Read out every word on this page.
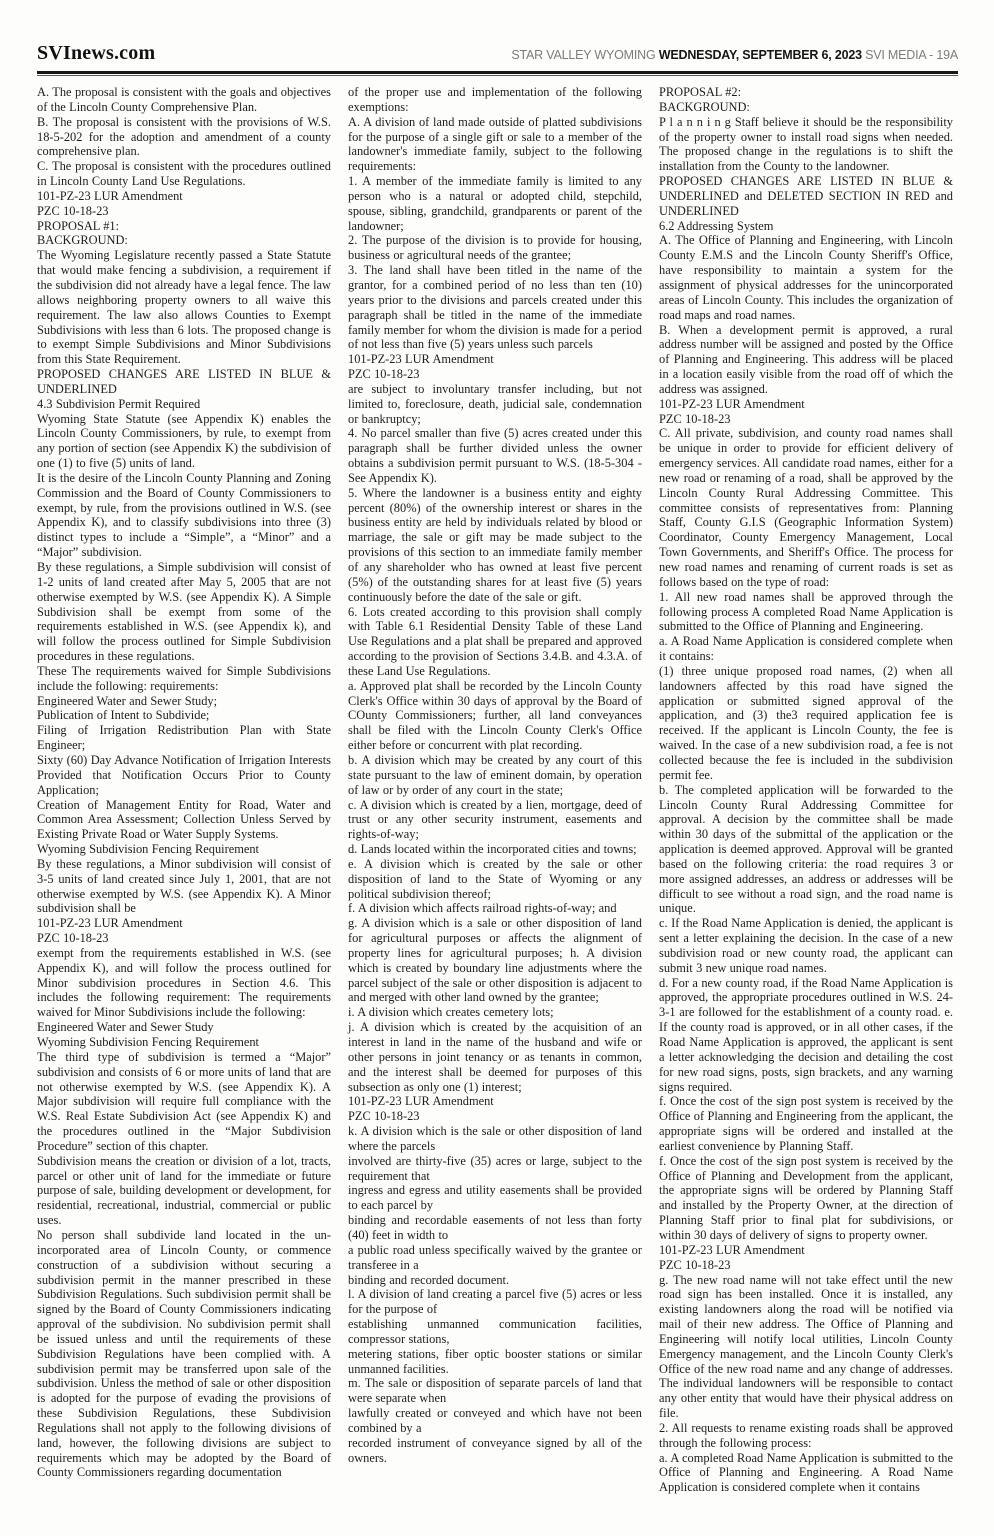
SVInews.com	STAR VALLEY WYOMING WEDNESDAY, SEPTEMBER 6, 2023 SVI MEDIA - 19A

A. The proposal is consistent with the goals and objectives of the Lincoln County Comprehensive Plan.

B. The proposal is consistent with the provisions of W.S. 18-5-202 for the adoption and amendment of a county comprehensive plan.

C. The proposal is consistent with the procedures outlined in Lincoln County Land Use Regulations.

101-PZ-23 LUR Amendment

PZC 10-18-23

PROPOSAL #1:

BACKGROUND:

The Wyoming Legislature recently passed a State Statute that would make fencing a subdivision, a requirement if the subdivision did not already have a legal fence. The law allows neighboring property owners to all waive this requirement. The law also allows Counties to Exempt Subdivisions with less than 6 lots. The proposed change is to exempt Simple Subdivisions and Minor Subdivisions from this State Requirement.

PROPOSED CHANGES ARE LISTED IN BLUE & UNDERLINED

4.3 Subdivision Permit Required

Wyoming State Statute (see Appendix K) enables the Lincoln County Commissioners, by rule, to exempt from any portion of section (see Appendix K) the subdivision of one (1) to five (5) units of land.

It is the desire of the Lincoln County Planning and Zoning Commission and the Board of County Commissioners to exempt, by rule, from the provisions outlined in W.S. (see Appendix K), and to classify subdivisions into three (3) distinct types to include a “Simple”, a “Minor” and a “Major” subdivision.

By these regulations, a Simple subdivision will consist of 1-2 units of land created after May 5, 2005 that are not otherwise exempted by W.S. (see Appendix K). A Simple Subdivision shall be exempt from some of the requirements established in W.S. (see Appendix k), and will follow the process outlined for Simple Subdivision procedures in these regulations.

These The requirements waived for Simple Subdivisions include the following: requirements:

Engineered Water and Sewer Study;

Publication of Intent to Subdivide;

Filing of Irrigation Redistribution Plan with State Engineer;

Sixty (60) Day Advance Notification of Irrigation Interests Provided that Notification Occurs Prior to County Application;

Creation of Management Entity for Road, Water and Common Area Assessment; Collection Unless Served by Existing Private Road or Water Supply Systems.

Wyoming Subdivision Fencing Requirement

By these regulations, a Minor subdivision will consist of 3-5 units of land created since July 1, 2001, that are not otherwise exempted by W.S. (see Appendix K). A Minor subdivision shall be

101-PZ-23 LUR Amendment

PZC 10-18-23

exempt from the requirements established in W.S. (see Appendix K), and will follow the process outlined for Minor subdivision procedures in Section 4.6. This includes the following requirement: The requirements waived for Minor Subdivisions include the following:

Engineered Water and Sewer Study

Wyoming Subdivision Fencing Requirement

The third type of subdivision is termed a “Major” subdivision and consists of 6 or more units of land that are not otherwise exempted by W.S. (see Appendix K). A Major subdivision will require full compliance with the W.S. Real Estate Subdivision Act (see Appendix K) and the procedures outlined in the “Major Subdivision Procedure” section of this chapter.

Subdivision means the creation or division of a lot, tracts, parcel or other unit of land for the immediate or future purpose of sale, building development or development, for residential, recreational, industrial, commercial or public uses.

No person shall subdivide land located in the un-incorporated area of Lincoln County, or commence construction of a subdivision without securing a subdivision permit in the manner prescribed in these Subdivision Regulations. Such subdivision permit shall be signed by the Board of County Commissioners indicating approval of the subdivision. No subdivision permit shall be issued unless and until the requirements of these Subdivision Regulations have been complied with. A subdivision permit may be transferred upon sale of the subdivision. Unless the method of sale or other disposition is adopted for the purpose of evading the provisions of these Subdivision Regulations, these Subdivision Regulations shall not apply to the following divisions of land, however, the following divisions are subject to requirements which may be adopted by the Board of County Commissioners regarding documentation

of the proper use and implementation of the following exemptions:

A. A division of land made outside of platted subdivisions for the purpose of a single gift or sale to a member of the landowner's immediate family, subject to the following requirements:

1. A member of the immediate family is limited to any person who is a natural or adopted child, stepchild, spouse, sibling, grandchild, grandparents or parent of the landowner;

2. The purpose of the division is to provide for housing, business or agricultural needs of the grantee;

3. The land shall have been titled in the name of the grantor, for a combined period of no less than ten (10) years prior to the divisions and parcels created under this paragraph shall be titled in the name of the immediate family member for whom the division is made for a period of not less than five (5) years unless such parcels

101-PZ-23 LUR Amendment

PZC 10-18-23

are subject to involuntary transfer including, but not limited to, foreclosure, death, judicial sale, condemnation or bankruptcy;

4. No parcel smaller than five (5) acres created under this paragraph shall be further divided unless the owner obtains a subdivision permit pursuant to W.S. (18-5-304 - See Appendix K).

5. Where the landowner is a business entity and eighty percent (80%) of the ownership interest or shares in the business entity are held by individuals related by blood or marriage, the sale or gift may be made subject to the provisions of this section to an immediate family member of any shareholder who has owned at least five percent (5%) of the outstanding shares for at least five (5) years continuously before the date of the sale or gift.

6. Lots created according to this provision shall comply with Table 6.1 Residential Density Table of these Land Use Regulations and a plat shall be prepared and approved according to the provision of Sections 3.4.B. and 4.3.A. of these Land Use Regulations.

a. Approved plat shall be recorded by the Lincoln County Clerk's Office within 30 days of approval by the Board of COunty Commissioners; further, all land conveyances shall be filed with the Lincoln County Clerk's Office either before or concurrent with plat recording.

b. A division which may be created by any court of this state pursuant to the law of eminent domain, by operation of law or by order of any court in the state;

c. A division which is created by a lien, mortgage, deed of trust or any other security instrument, easements and rights-of-way;

d. Lands located within the incorporated cities and towns;

e. A division which is created by the sale or other disposition of land to the State of Wyoming or any political subdivision thereof;

f. A division which affects railroad rights-of-way; and

g. A division which is a sale or other disposition of land for agricultural purposes or affects the alignment of property lines for agricultural purposes; h. A division which is created by boundary line adjustments where the parcel subject of the sale or other disposition is adjacent to and merged with other land owned by the grantee;

i. A division which creates cemetery lots;

j. A division which is created by the acquisition of an interest in land in the name of the husband and wife or other persons in joint tenancy or as tenants in common, and the interest shall be deemed for purposes of this subsection as only one (1) interest;

101-PZ-23 LUR Amendment

PZC 10-18-23

k. A division which is the sale or other disposition of land where the parcels

involved are thirty-five (35) acres or large, subject to the requirement that

ingress and egress and utility easements shall be provided to each parcel by

binding and recordable easements of not less than forty (40) feet in width to

a public road unless specifically waived by the grantee or transferee in a

binding and recorded document.

l. A division of land creating a parcel five (5) acres or less for the purpose of

establishing unmanned communication facilities, compressor stations,

metering stations, fiber optic booster stations or similar unmanned facilities.

m. The sale or disposition of separate parcels of land that were separate when

lawfully created or conveyed and which have not been combined by a

recorded instrument of conveyance signed by all of the owners.

PROPOSAL #2:

BACKGROUND:

P l a n n i n g Staff believe it should be the responsibility of the property owner to install road signs when needed. The proposed change in the regulations is to shift the installation from the County to the landowner.

PROPOSED CHANGES ARE LISTED IN BLUE & UNDERLINED and DELETED SECTION IN RED and UNDERLINED

6.2 Addressing System

A. The Office of Planning and Engineering, with Lincoln County E.M.S and the Lincoln County Sheriff's Office, have responsibility to maintain a system for the assignment of physical addresses for the unincorporated areas of Lincoln County. This includes the organization of road maps and road names.

B. When a development permit is approved, a rural address number will be assigned and posted by the Office of Planning and Engineering. This address will be placed in a location easily visible from the road off of which the address was assigned.

101-PZ-23 LUR Amendment

PZC 10-18-23

C. All private, subdivision, and county road names shall be unique in order to provide for efficient delivery of emergency services. All candidate road names, either for a new road or renaming of a road, shall be approved by the Lincoln County Rural Addressing Committee. This committee consists of representatives from: Planning Staff, County G.I.S (Geographic Information System) Coordinator, County Emergency Management, Local Town Governments, and Sheriff's Office. The process for new road names and renaming of current roads is set as follows based on the type of road:

1. All new road names shall be approved through the following process A completed Road Name Application is submitted to the Office of Planning and Engineering.

a. A Road Name Application is considered complete when it contains:

(1) three unique proposed road names, (2) when all landowners affected by this road have signed the application or submitted signed approval of the application, and (3) the3 required application fee is received. If the applicant is Lincoln County, the fee is waived. In the case of a new subdivision road, a fee is not collected because the fee is included in the subdivision permit fee.

b. The completed application will be forwarded to the Lincoln County Rural Addressing Committee for approval. A decision by the committee shall be made within 30 days of the submittal of the application or the application is deemed approved. Approval will be granted based on the following criteria: the road requires 3 or more assigned addresses, an address or addresses will be difficult to see without a road sign, and the road name is unique.

c. If the Road Name Application is denied, the applicant is sent a letter explaining the decision. In the case of a new subdivision road or new county road, the applicant can submit 3 new unique road names.

d. For a new county road, if the Road Name Application is approved, the appropriate procedures outlined in W.S. 24-3-1 are followed for the establishment of a county road. e. If the county road is approved, or in all other cases, if the Road Name Application is approved, the applicant is sent a letter acknowledging the decision and detailing the cost for new road signs, posts, sign brackets, and any warning signs required.

f. Once the cost of the sign post system is received by the Office of Planning and Engineering from the applicant, the appropriate signs will be ordered and installed at the earliest convenience by Planning Staff.

f. Once the cost of the sign post system is received by the Office of Planning and Development from the applicant, the appropriate signs will be ordered by Planning Staff and installed by the Property Owner, at the direction of Planning Staff prior to final plat for subdivisions, or within 30 days of delivery of signs to property owner.

101-PZ-23 LUR Amendment

PZC 10-18-23

g. The new road name will not take effect until the new road sign has been installed. Once it is installed, any existing landowners along the road will be notified via mail of their new address. The Office of Planning and Engineering will notify local utilities, Lincoln County Emergency management, and the Lincoln County Clerk's Office of the new road name and any change of addresses. The individual landowners will be responsible to contact any other entity that would have their physical address on file.

2. All requests to rename existing roads shall be approved through the following process:

a. A completed Road Name Application is submitted to the Office of Planning and Engineering. A Road Name Application is considered complete when it contains
